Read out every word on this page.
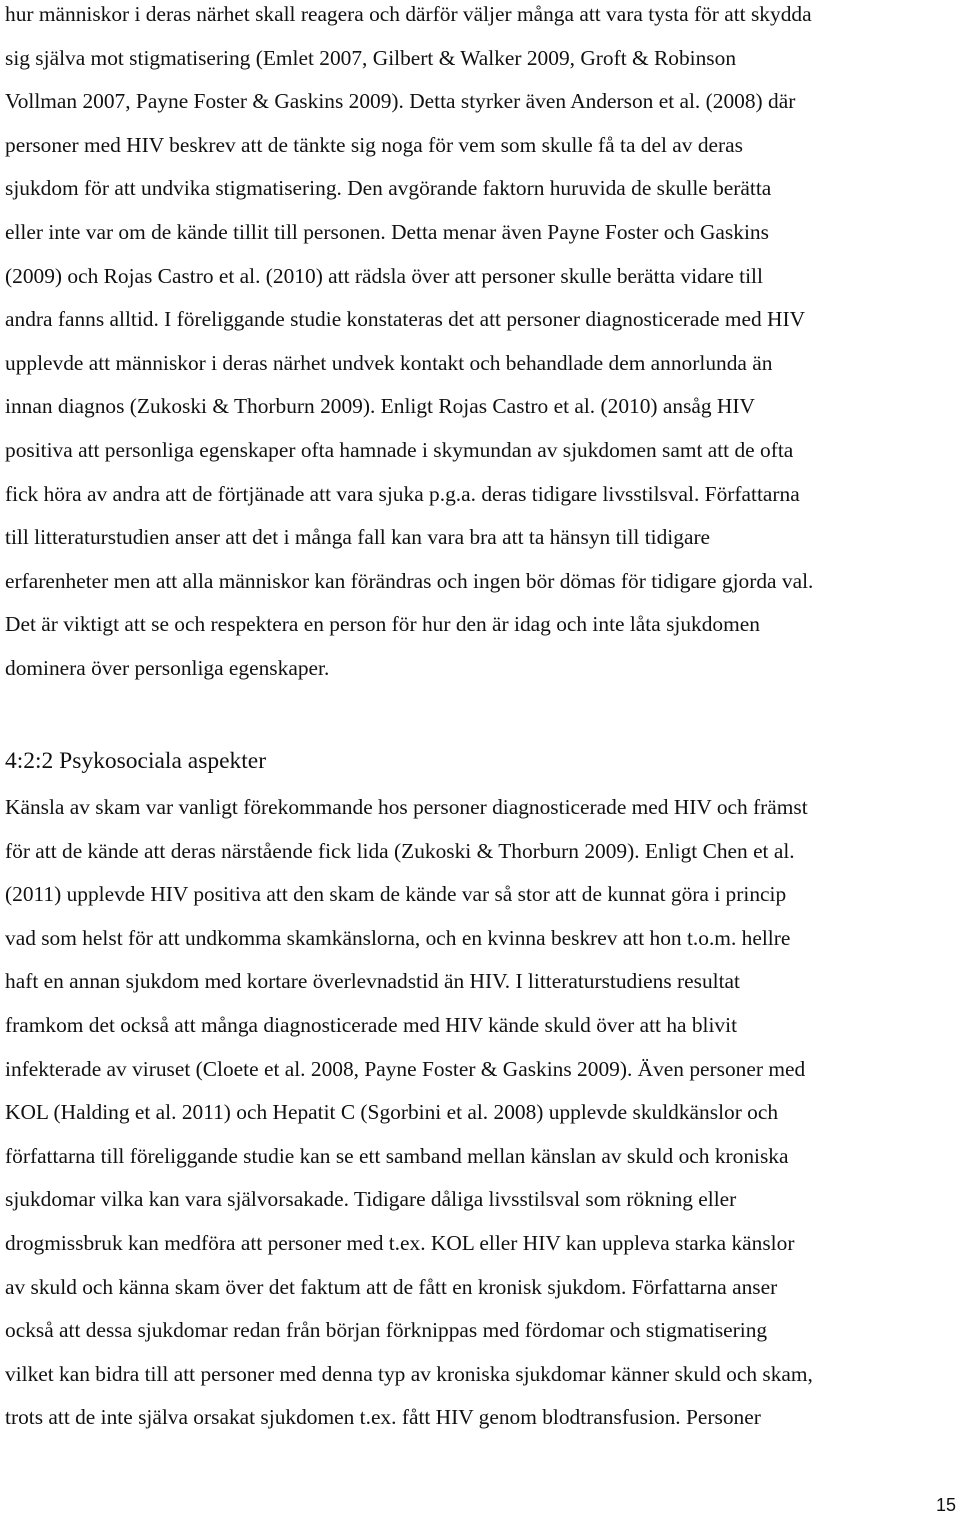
hur människor i deras närhet skall reagera och därför väljer många att vara tysta för att skydda
sig själva mot stigmatisering (Emlet 2007, Gilbert & Walker 2009, Groft & Robinson
Vollman 2007, Payne Foster & Gaskins 2009). Detta styrker även Anderson et al. (2008) där
personer med HIV beskrev att de tänkte sig noga för vem som skulle få ta del av deras
sjukdom för att undvika stigmatisering. Den avgörande faktorn huruvida de skulle berätta
eller inte var om de kände tillit till personen. Detta menar även Payne Foster och Gaskins
(2009) och Rojas Castro et al. (2010) att rädsla över att personer skulle berätta vidare till
andra fanns alltid. I föreliggande studie konstateras det att personer diagnosticerade med HIV
upplevde att människor i deras närhet undvek kontakt och behandlade dem annorlunda än
innan diagnos (Zukoski & Thorburn 2009). Enligt Rojas Castro et al. (2010) ansåg HIV
positiva att personliga egenskaper ofta hamnade i skymundan av sjukdomen samt att de ofta
fick höra av andra att de förtjänade att vara sjuka p.g.a. deras tidigare livsstilsval. Författarna
till litteraturstudien anser att det i många fall kan vara bra att ta hänsyn till tidigare
erfarenheter men att alla människor kan förändras och ingen bör dömas för tidigare gjorda val.
Det är viktigt att se och respektera en person för hur den är idag och inte låta sjukdomen
dominera över personliga egenskaper.
4:2:2 Psykosociala aspekter
Känsla av skam var vanligt förekommande hos personer diagnosticerade med HIV och främst
för att de kände att deras närstående fick lida (Zukoski & Thorburn 2009). Enligt Chen et al.
(2011) upplevde HIV positiva att den skam de kände var så stor att de kunnat göra i princip
vad som helst för att undkomma skamkänslorna, och en kvinna beskrev att hon t.o.m. hellre
haft en annan sjukdom med kortare överlevnadstid än HIV. I litteraturstudiens resultat
framkom det också att många diagnosticerade med HIV kände skuld över att ha blivit
infekterade av viruset (Cloete et al. 2008, Payne Foster & Gaskins 2009). Även personer med
KOL (Halding et al. 2011) och Hepatit C (Sgorbini et al. 2008) upplevde skuldkänslor och
författarna till föreliggande studie kan se ett samband mellan känslan av skuld och kroniska
sjukdomar vilka kan vara självorsakade. Tidigare dåliga livsstilsval som rökning eller
drogmissbruk kan medföra att personer med t.ex. KOL eller HIV kan uppleva starka känslor
av skuld och känna skam över det faktum att de fått en kronisk sjukdom. Författarna anser
också att dessa sjukdomar redan från början förknippas med fördomar och stigmatisering
vilket kan bidra till att personer med denna typ av kroniska sjukdomar känner skuld och skam,
trots att de inte själva orsakat sjukdomen t.ex. fått HIV genom blodtransfusion. Personer
15
